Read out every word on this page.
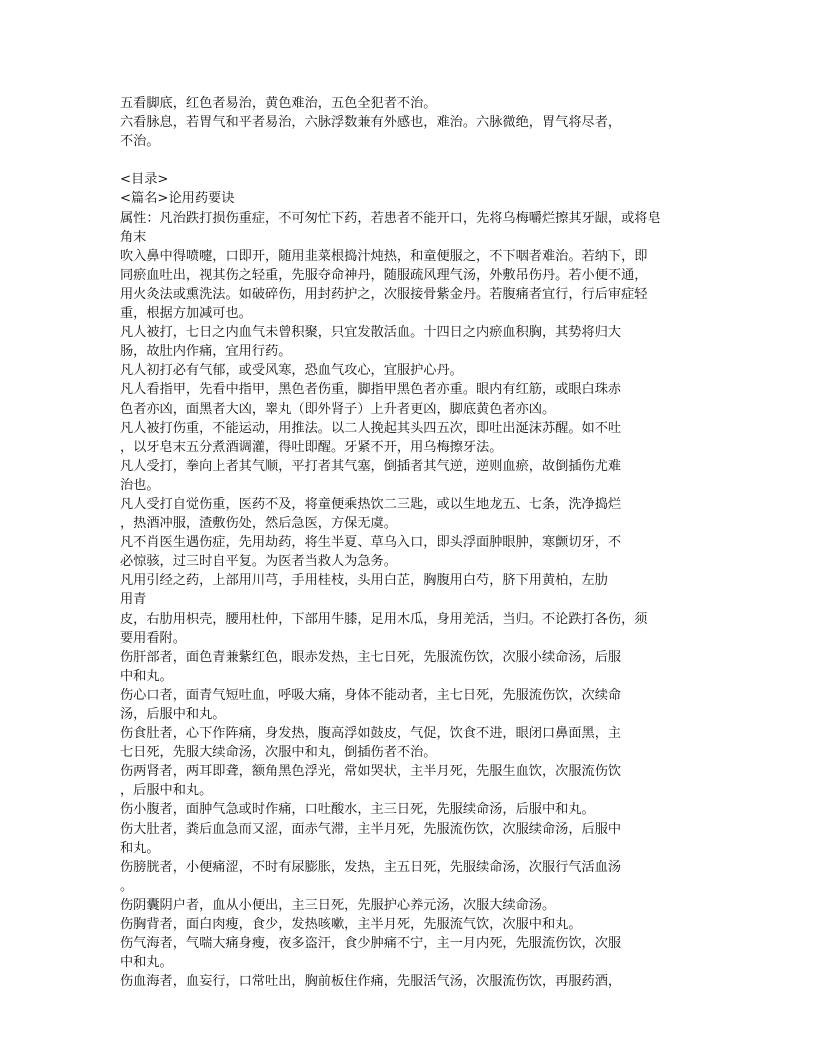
五看脚底，红色者易治，黄色难治，五色全犯者不治。
六看脉息，若胃气和平者易治，六脉浮数兼有外感也，难治。六脉微绝，胃气将尽者，
不治。
<目录>
<篇名>论用药要诀
属性：凡治跌打损伤重症，不可匆忙下药，若患者不能开口，先将乌梅嚼烂擦其牙龈，或将皂
角末
吹入鼻中得喷嚏，口即开，随用韭菜根捣汁炖热，和童便服之，不下咽者难治。若纳下，即
同瘀血吐出，视其伤之轻重，先服夺命神丹，随服疏风理气汤，外敷吊伤丹。若小便不通，
用火灸法或熏洗法。如破碎伤，用封药护之，次服接骨紫金丹。若腹痛者宜行，行后审症轻
重，根据方加减可也。
凡人被打，七日之内血气未曾积聚，只宜发散活血。十四日之内瘀血积胸，其势将归大
肠，故肚内作痛，宜用行药。
凡人初打必有气郁，或受风寒，恐血气攻心，宜服护心丹。
凡人看指甲，先看中指甲，黑色者伤重，脚指甲黑色者亦重。眼内有红筋，或眼白珠赤
色者亦凶，面黑者大凶，睾丸（即外肾子）上升者更凶，脚底黄色者亦凶。
凡人被打伤重，不能运动，用推法。以二人挽起其头四五次，即吐出涎沫苏醒。如不吐
，以牙皂末五分煮酒调灌，得吐即醒。牙紧不开，用乌梅擦牙法。
凡人受打，拳向上者其气顺，平打者其气塞，倒插者其气逆，逆则血瘀，故倒插伤尤难
治也。
凡人受打自觉伤重，医药不及，将童便乘热饮二三匙，或以生地龙五、七条，洗净捣烂
，热酒冲服，渣敷伤处，然后急医，方保无虞。
凡不肖医生遇伤症，先用劫药，将生半夏、草乌入口，即头浮面肿眼肿，寒颤切牙，不
必惊骇，过三时自平复。为医者当救人为急务。
凡用引经之药，上部用川芎，手用桂枝，头用白芷，胸腹用白芍，脐下用黄柏，左肋
用青
皮，右肋用枳壳，腰用杜仲，下部用牛膝，足用木瓜，身用羌活，当归。不论跌打各伤，须
要用看附。
伤肝部者，面色青兼紫红色，眼赤发热，主七日死，先服流伤饮，次服小续命汤，后服
中和丸。
伤心口者，面青气短吐血，呼吸大痛，身体不能动者，主七日死，先服流伤饮，次续命
汤，后服中和丸。
伤食肚者，心下作阵痛，身发热，腹高浮如鼓皮，气促，饮食不进，眼闭口鼻面黑，主
七日死，先服大续命汤，次服中和丸，倒插伤者不治。
伤两肾者，两耳即聋，额角黑色浮光，常如哭状，主半月死，先服生血饮，次服流伤饮
，后服中和丸。
伤小腹者，面肿气急或时作痛，口吐酸水，主三日死，先服续命汤，后服中和丸。
伤大肚者，粪后血急而又涩，面赤气滞，主半月死，先服流伤饮，次服续命汤，后服中
和丸。
伤膀胱者，小便痛涩，不时有尿膨胀，发热，主五日死，先服续命汤，次服行气活血汤
。
伤阴囊阴户者，血从小便出，主三日死，先服护心养元汤，次服大续命汤。
伤胸背者，面白肉瘦，食少，发热咳嗽，主半月死，先服流气饮，次服中和丸。
伤气海者，气喘大痛身瘦，夜多盗汗，食少肿痛不宁，主一月内死，先服流伤饮，次服
中和丸。
伤血海者，血妄行，口常吐出，胸前板住作痛，先服活气汤，次服流伤饮，再服药酒，
